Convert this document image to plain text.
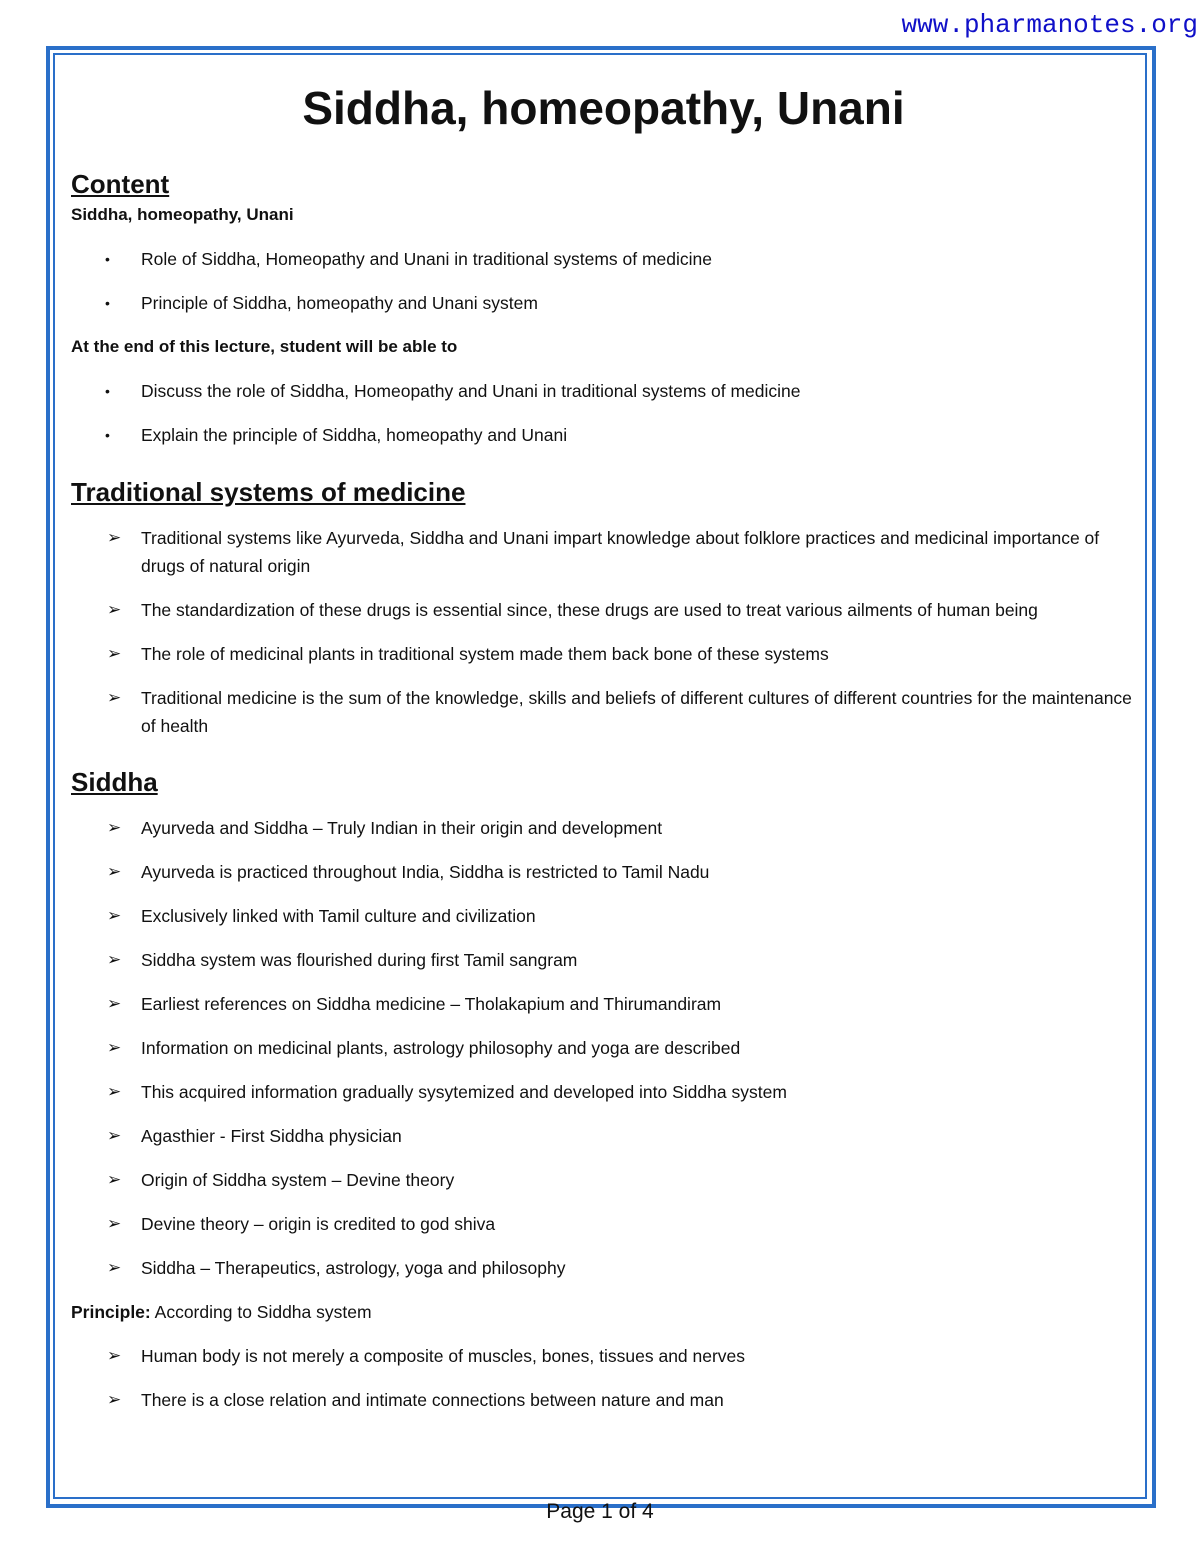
www.pharmanotes.org
Siddha, homeopathy, Unani
Content
Siddha, homeopathy, Unani
• Role of Siddha, Homeopathy and Unani in traditional systems of medicine
• Principle of Siddha, homeopathy and Unani system
At the end of this lecture, student will be able to
• Discuss the role of Siddha, Homeopathy and Unani in traditional systems of medicine
• Explain the principle of Siddha, homeopathy and Unani
Traditional systems of medicine
➢ Traditional systems like Ayurveda, Siddha and Unani impart knowledge about folklore practices and medicinal importance of drugs of natural origin
➢ The standardization of these drugs is essential since, these drugs are used to treat various ailments of human being
➢ The role of medicinal plants in traditional system made them back bone of these systems
➢ Traditional medicine is the sum of the knowledge, skills and beliefs of different cultures of different countries for the maintenance of health
Siddha
➢ Ayurveda and Siddha – Truly Indian in their origin and development
➢ Ayurveda is practiced throughout India, Siddha is restricted to Tamil Nadu
➢ Exclusively linked with Tamil culture and civilization
➢ Siddha system was flourished during first Tamil sangram
➢ Earliest references on Siddha medicine – Tholakapium and Thirumandiram
➢ Information on medicinal plants, astrology philosophy and yoga are described
➢ This acquired information gradually sysytemized and developed into Siddha system
➢ Agasthier - First Siddha physician
➢ Origin of Siddha system – Devine theory
➢ Devine theory – origin is credited to god shiva
➢ Siddha – Therapeutics, astrology, yoga and philosophy
Principle: According to Siddha system
➢ Human body is not merely a composite of muscles, bones, tissues and nerves
➢ There is a close relation and intimate connections between nature and man
Page 1 of 4
